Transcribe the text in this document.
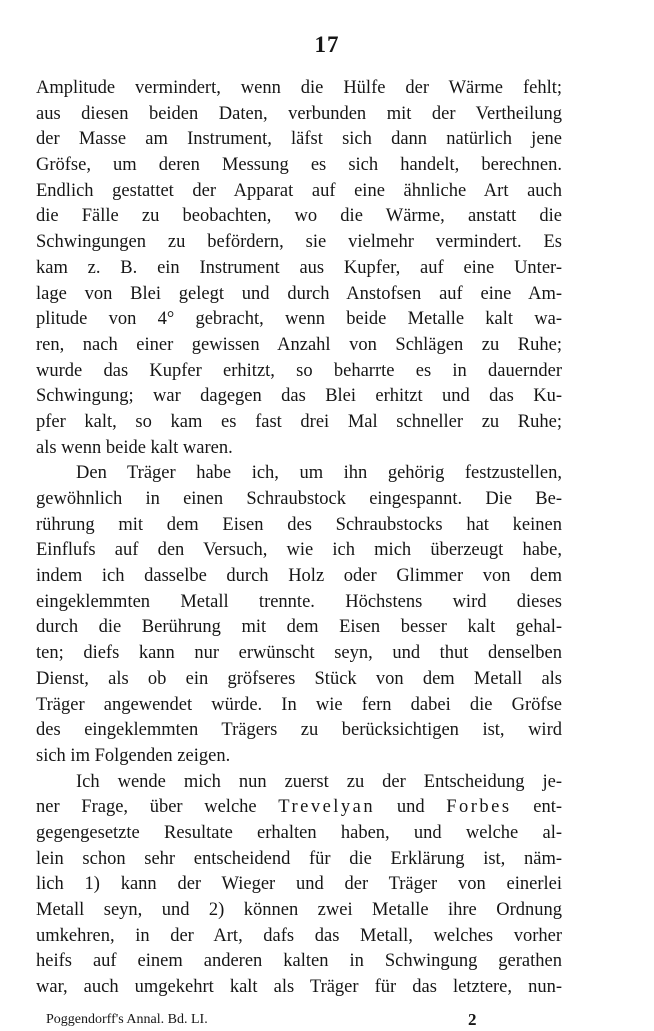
17
Amplitude vermindert, wenn die Hülfe der Wärme fehlt;
aus diesen beiden Daten, verbunden mit der Vertheilung
der Masse am Instrument, läfst sich dann natürlich jene
Gröfse, um deren Messung es sich handelt, berechnen.
Endlich gestattet der Apparat auf eine ähnliche Art auch
die Fälle zu beobachten, wo die Wärme, anstatt die
Schwingungen zu befördern, sie vielmehr vermindert. Es
kam z. B. ein Instrument aus Kupfer, auf eine Unter-
lage von Blei gelegt und durch Anstofsen auf eine Am-
plitude von 4° gebracht, wenn beide Metalle kalt wa-
ren, nach einer gewissen Anzahl von Schlägen zu Ruhe;
wurde das Kupfer erhitzt, so beharrte es in dauernder
Schwingung; war dagegen das Blei erhitzt und das Ku-
pfer kalt, so kam es fast drei Mal schneller zu Ruhe;
als wenn beide kalt waren.
Den Träger habe ich, um ihn gehörig festzustellen,
gewöhnlich in einen Schraubstock eingespannt. Die Be-
rührung mit dem Eisen des Schraubstocks hat keinen
Einflufs auf den Versuch, wie ich mich überzeugt habe,
indem ich dasselbe durch Holz oder Glimmer von dem
eingeklemmten Metall trennte. Höchstens wird dieses
durch die Berührung mit dem Eisen besser kalt gehal-
ten; diefs kann nur erwünscht seyn, und thut denselben
Dienst, als ob ein gröfseres Stück von dem Metall als
Träger angewendet würde. In wie fern dabei die Gröfse
des eingeklemmten Trägers zu berücksichtigen ist, wird
sich im Folgenden zeigen.
Ich wende mich nun zuerst zu der Entscheidung je-
ner Frage, über welche Trevelyan und Forbes ent-
gegengesetzte Resultate erhalten haben, und welche al-
lein schon sehr entscheidend für die Erklärung ist, näm-
lich 1) kann der Wieger und der Träger von einerlei
Metall seyn, und 2) können zwei Metalle ihre Ordnung
umkehren, in der Art, dafs das Metall, welches vorher
heifs auf einem anderen kalten in Schwingung gerathen
war, auch umgekehrt kalt als Träger für das letztere, nun-
Poggendorff's Annal. Bd. LI.	2
